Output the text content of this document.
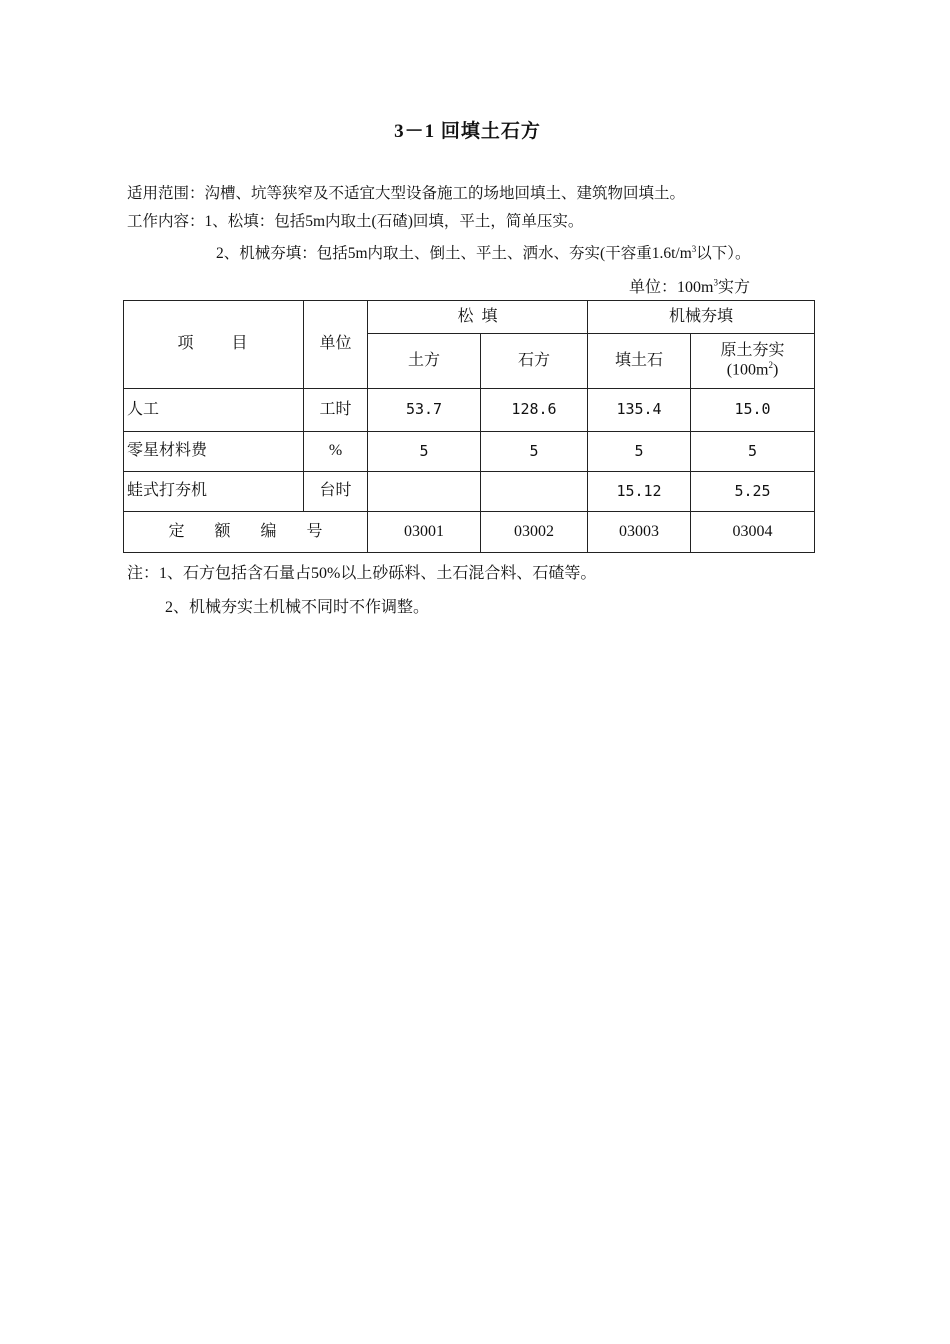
3－1 回填土石方
适用范围：沟槽、坑等狭窄及不适宜大型设备施工的场地回填土、建筑物回填土。
工作内容：1、松填：包括5m内取土(石碴)回填，平土，简单压实。
2、机械夯填：包括5m内取土、倒土、平土、洒水、夯实(干容重$1.6t/m^3$以下）。
单位：$100m^3$实方
项　　目	单位	松  填		机械夯填	
		土方	石方	填土石	原土夯实
$(100m^2)$

人工	工时	53.7	128.6	135.4	15.0
零星材料费	%	5	5	5	5
蛙式打夯机	台时			15.12	5.25
定额编号		03001	03002	03003	03004
注：1、石方包括含石量占50%以上砂砾料、土石混合料、石碴等。
2、机械夯实土机械不同时不作调整。
